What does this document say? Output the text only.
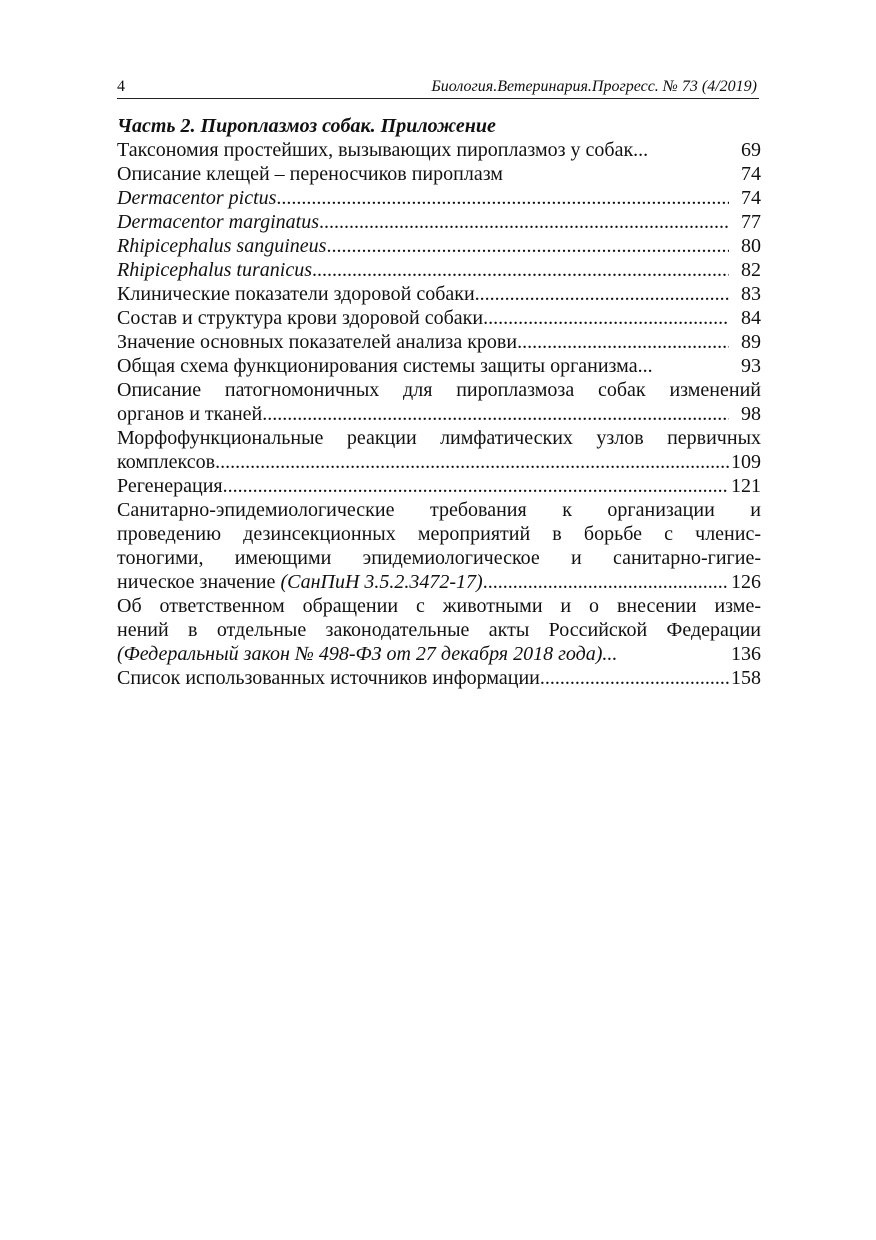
4	Биология.Ветеринария.Прогресс. № 73 (4/2019)
Часть 2. Пироплазмоз собак. Приложение
Таксономия простейших, вызывающих пироплазмоз у собак...	69
Описание клещей – переносчиков пироплазм	74
Dermacentor pictus .....	74
Dermacentor marginatus .....	77
Rhipicephalus sanguineus .....	80
Rhipicephalus turanicus .....	82
Клинические показатели здоровой собаки .....	83
Состав и структура крови здоровой собаки .....	84
Значение основных показателей анализа крови .....	89
Общая схема функционирования системы защиты организма...	93
Описание патогномоничных для пироплазмоза собак изменений
органов и тканей .....	98
Морфофункциональные реакции лимфатических узлов первичных
комплексов .....	109
Регенерация .....	121
Санитарно-эпидемиологические требования к организации и
проведению дезинсекционных мероприятий в борьбе с членис-
тоногими, имеющими эпидемиологическое и санитарно-гигие-
ническое значение (СанПиН 3.5.2.3472-17) .....	126
Об ответственном обращении с животными и о внесении изме-
нений в отдельные законодательные акты Российской Федерации
(Федеральный закон № 498-ФЗ от 27 декабря 2018 года)...	136
Список использованных источников информации .....	158
